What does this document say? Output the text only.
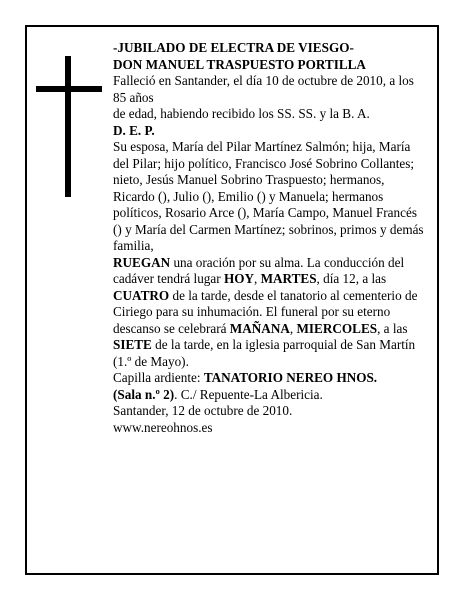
-JUBILADO DE ELECTRA DE VIESGO-

DON MANUEL TRASPUESTO PORTILLA

Falleció en Santander, el día 10 de octubre de 2010, a los 85 años

de edad, habiendo recibido los SS. SS. y la B. A.

D. E. P.

Su esposa, María del Pilar Martínez Salmón; hija, María del Pilar; hijo político, Francisco José Sobrino Collantes; nieto, Jesús Manuel Sobrino Traspuesto; hermanos, Ricardo (), Julio (), Emilio () y Manuela; hermanos políticos, Rosario Arce (), María Campo, Manuel Francés () y María del Carmen Martínez; sobrinos, primos y demás familia,

RUEGAN una oración por su alma. La conducción del cadáver tendrá lugar HOY, MARTES, día 12, a las CUATRO de la tarde, desde el tanatorio al cementerio de Ciriego para su inhumación. El funeral por su eterno descanso se celebrará MAÑANA, MIERCOLES, a las SIETE de la tarde, en la iglesia parroquial de San Martín (1.º de Mayo).

Capilla ardiente: TANATORIO NEREO HNOS.

(Sala n.º 2). C./ Repuente-La Albericia.

Santander, 12 de octubre de 2010.

www.nereohnos.es
